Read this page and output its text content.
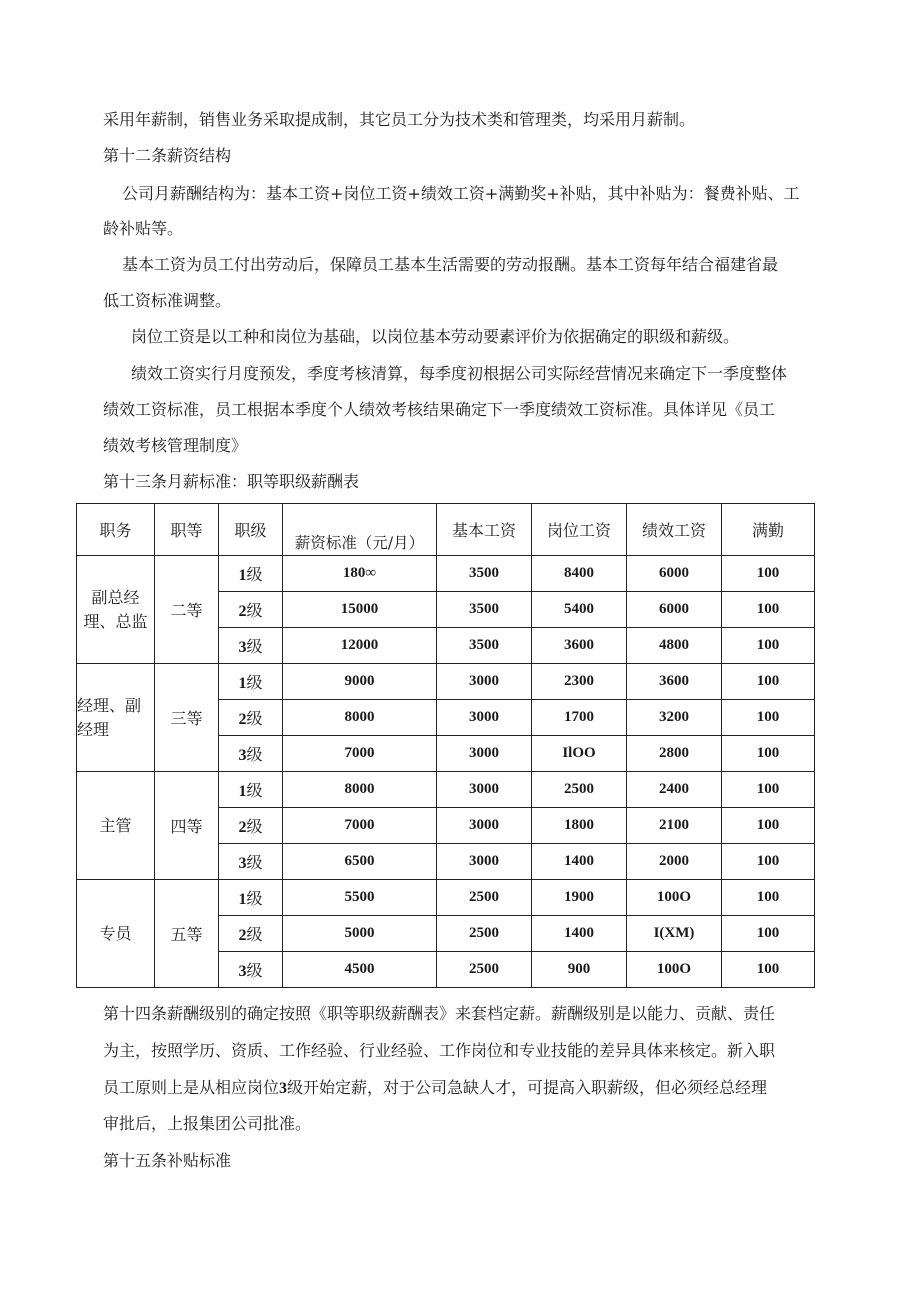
采用年薪制，销售业务采取提成制，其它员工分为技术类和管理类，均采用月薪制。
第十二条薪资结构
公司月薪酬结构为：基本工资+岗位工资+绩效工资+满勤奖+补贴，其中补贴为：餐费补贴、工
龄补贴等。
基本工资为员工付出劳动后，保障员工基本生活需要的劳动报酬。基本工资每年结合福建省最
低工资标准调整。
岗位工资是以工种和岗位为基础，以岗位基本劳动要素评价为依据确定的职级和薪级。
绩效工资实行月度预发，季度考核清算，每季度初根据公司实际经营情况来确定下一季度整体
绩效工资标准，员工根据本季度个人绩效考核结果确定下一季度绩效工资标准。具体详见《员工
绩效考核管理制度》
第十三条月薪标准：职等职级薪酬表
职务	职等	职级	薪资标准（元/月）	基本工资	岗位工资	绩效工资	满勤

副总经
理、总监	二等	1级	180∞	3500	8400	6000	100
		2级	15000	3500	5400	6000	100
		3级	12000	3500	3600	4800	100

经理、副
经理	三等	1级	9000	3000	2300	3600	100
		2级	8000	3000	1700	3200	100
		3级	7000	3000	IlOO	2800	100

主管	四等	1级	8000	3000	2500	2400	100
		2级	7000	3000	1800	2100	100
		3级	6500	3000	1400	2000	100

专员	五等	1级	5500	2500	1900	100O	100
		2级	5000	2500	1400	I(XM)	100
		3级	4500	2500	900	100O	100
第十四条薪酬级别的确定按照《职等职级薪酬表》来套档定薪。薪酬级别是以能力、贡献、责任
为主，按照学历、资质、工作经验、行业经验、工作岗位和专业技能的差异具体来核定。新入职
员工原则上是从相应岗位3级开始定薪，对于公司急缺人才，可提高入职薪级，但必须经总经理
审批后，上报集团公司批准。
第十五条补贴标准
